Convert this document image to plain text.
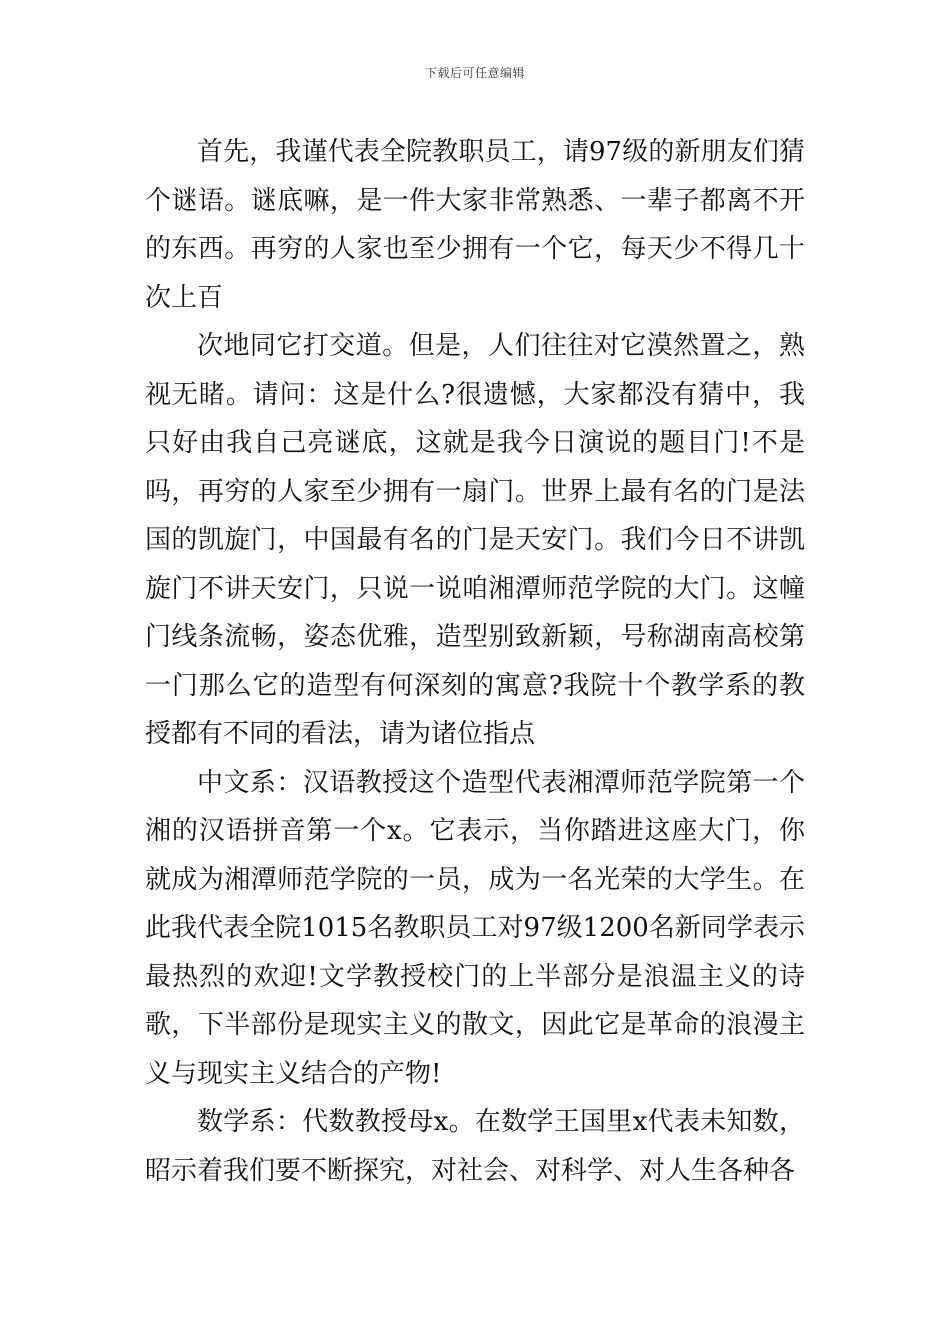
下载后可任意编辑

首先，我谨代表全院教职员工，请97级的新朋友们猜个谜语。谜底嘛，是一件大家非常熟悉、一辈子都离不开的东西。再穷的人家也至少拥有一个它，每天少不得几十次上百

次地同它打交道。但是，人们往往对它漠然置之，熟视无睹。请问：这是什么?很遗憾，大家都没有猜中，我只好由我自己亮谜底，这就是我今日演说的题目门!不是吗，再穷的人家至少拥有一扇门。世界上最有名的门是法国的凯旋门，中国最有名的门是天安门。我们今日不讲凯旋门不讲天安门，只说一说咱湘潭师范学院的大门。这幢门线条流畅，姿态优雅，造型别致新颖，号称湖南高校第一门那么它的造型有何深刻的寓意?我院十个教学系的教授都有不同的看法，请为诸位指点

中文系：汉语教授这个造型代表湘潭师范学院第一个湘的汉语拼音第一个x。它表示，当你踏进这座大门，你就成为湘潭师范学院的一员，成为一名光荣的大学生。在此我代表全院1015名教职员工对97级1200名新同学表示最热烈的欢迎!文学教授校门的上半部分是浪温主义的诗歌，下半部份是现实主义的散文，因此它是革命的浪漫主义与现实主义结合的产物!

数学系：代数教授母x。在数学王国里x代表未知数，昭示着我们要不断探究，对社会、对科学、对人生各种各
